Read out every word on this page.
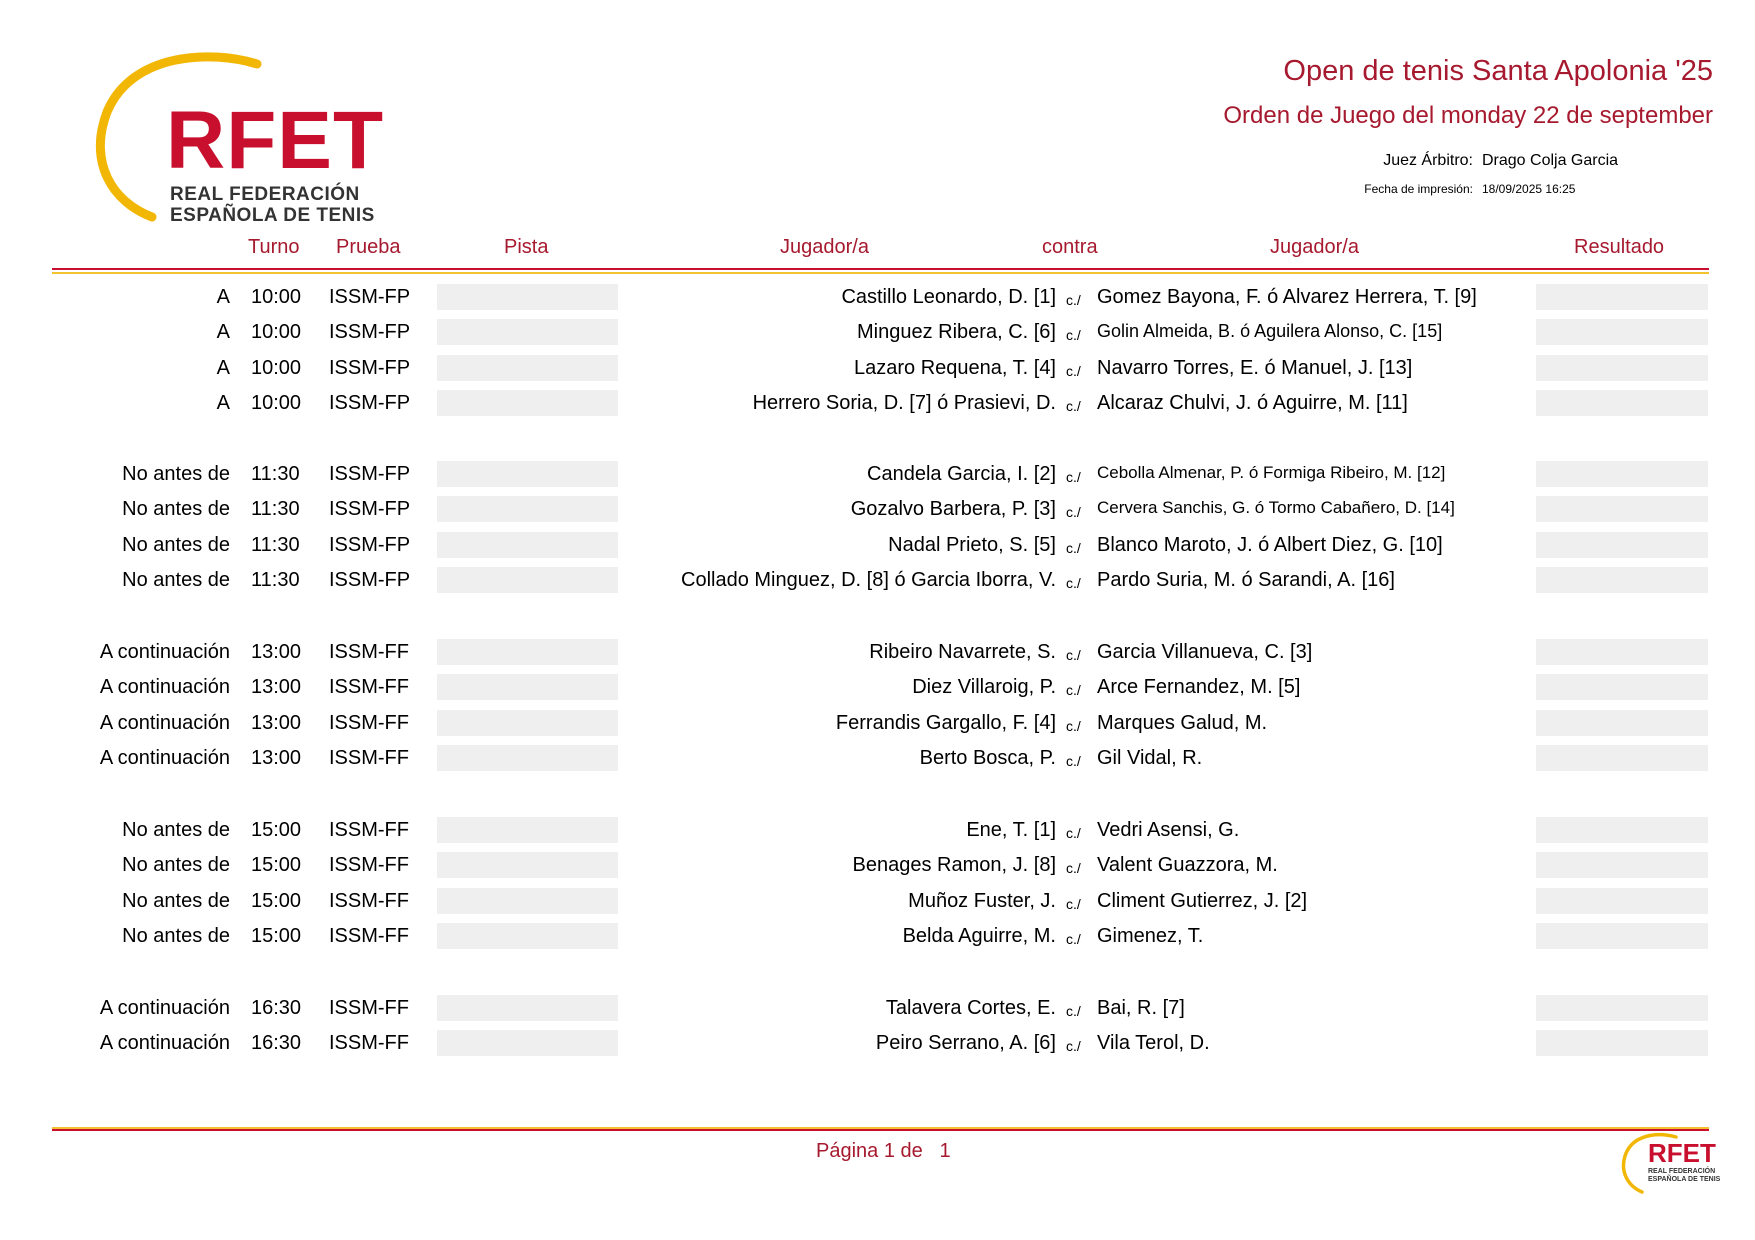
RFET
REAL FEDERACIÓN
ESPAÑOLA DE TENIS
Open de tenis Santa Apolonia '25
Orden de Juego del monday 22 de september
Juez Árbitro: Drago Colja Garcia
Fecha de impresión: 18/09/2025 16:25
Turno Prueba	Pista	Jugador/a	contra	Jugador/a	Resultado
A 10:00 ISSM-FP	Castillo Leonardo, D. [1] c./ Gomez Bayona, F. ó Alvarez Herrera, T. [9]
A 10:00 ISSM-FP	Minguez Ribera, C. [6] c./ Golin Almeida, B. ó Aguilera Alonso, C. [15]
A 10:00 ISSM-FP	Lazaro Requena, T. [4] c./ Navarro Torres, E. ó Manuel, J. [13]
A 10:00 ISSM-FP	Herrero Soria, D. [7] ó Prasievi, D. c./ Alcaraz Chulvi, J. ó Aguirre, M. [11]
No antes de 11:30 ISSM-FP	Candela Garcia, I. [2] c./ Cebolla Almenar, P. ó Formiga Ribeiro, M. [12]
No antes de 11:30 ISSM-FP	Gozalvo Barbera, P. [3] c./ Cervera Sanchis, G. ó Tormo Cabañero, D. [14]
No antes de 11:30 ISSM-FP	Nadal Prieto, S. [5] c./ Blanco Maroto, J. ó Albert Diez, G. [10]
No antes de 11:30 ISSM-FP	Collado Minguez, D. [8] ó Garcia Iborra, V. c./ Pardo Suria, M. ó Sarandi, A. [16]
A continuación 13:00 ISSM-FF	Ribeiro Navarrete, S. c./ Garcia Villanueva, C. [3]
A continuación 13:00 ISSM-FF	Diez Villaroig, P. c./ Arce Fernandez, M. [5]
A continuación 13:00 ISSM-FF	Ferrandis Gargallo, F. [4] c./ Marques Galud, M.
A continuación 13:00 ISSM-FF	Berto Bosca, P. c./ Gil Vidal, R.
No antes de 15:00 ISSM-FF	Ene, T. [1] c./ Vedri Asensi, G.
No antes de 15:00 ISSM-FF	Benages Ramon, J. [8] c./ Valent Guazzora, M.
No antes de 15:00 ISSM-FF	Muñoz Fuster, J. c./ Climent Gutierrez, J. [2]
No antes de 15:00 ISSM-FF	Belda Aguirre, M. c./ Gimenez, T.
A continuación 16:30 ISSM-FF	Talavera Cortes, E. c./ Bai, R. [7]
A continuación 16:30 ISSM-FF	Peiro Serrano, A. [6] c./ Vila Terol, D.
Página 1 de 1	RFET
REAL FEDERACIÓN
ESPAÑOLA DE TENIS
